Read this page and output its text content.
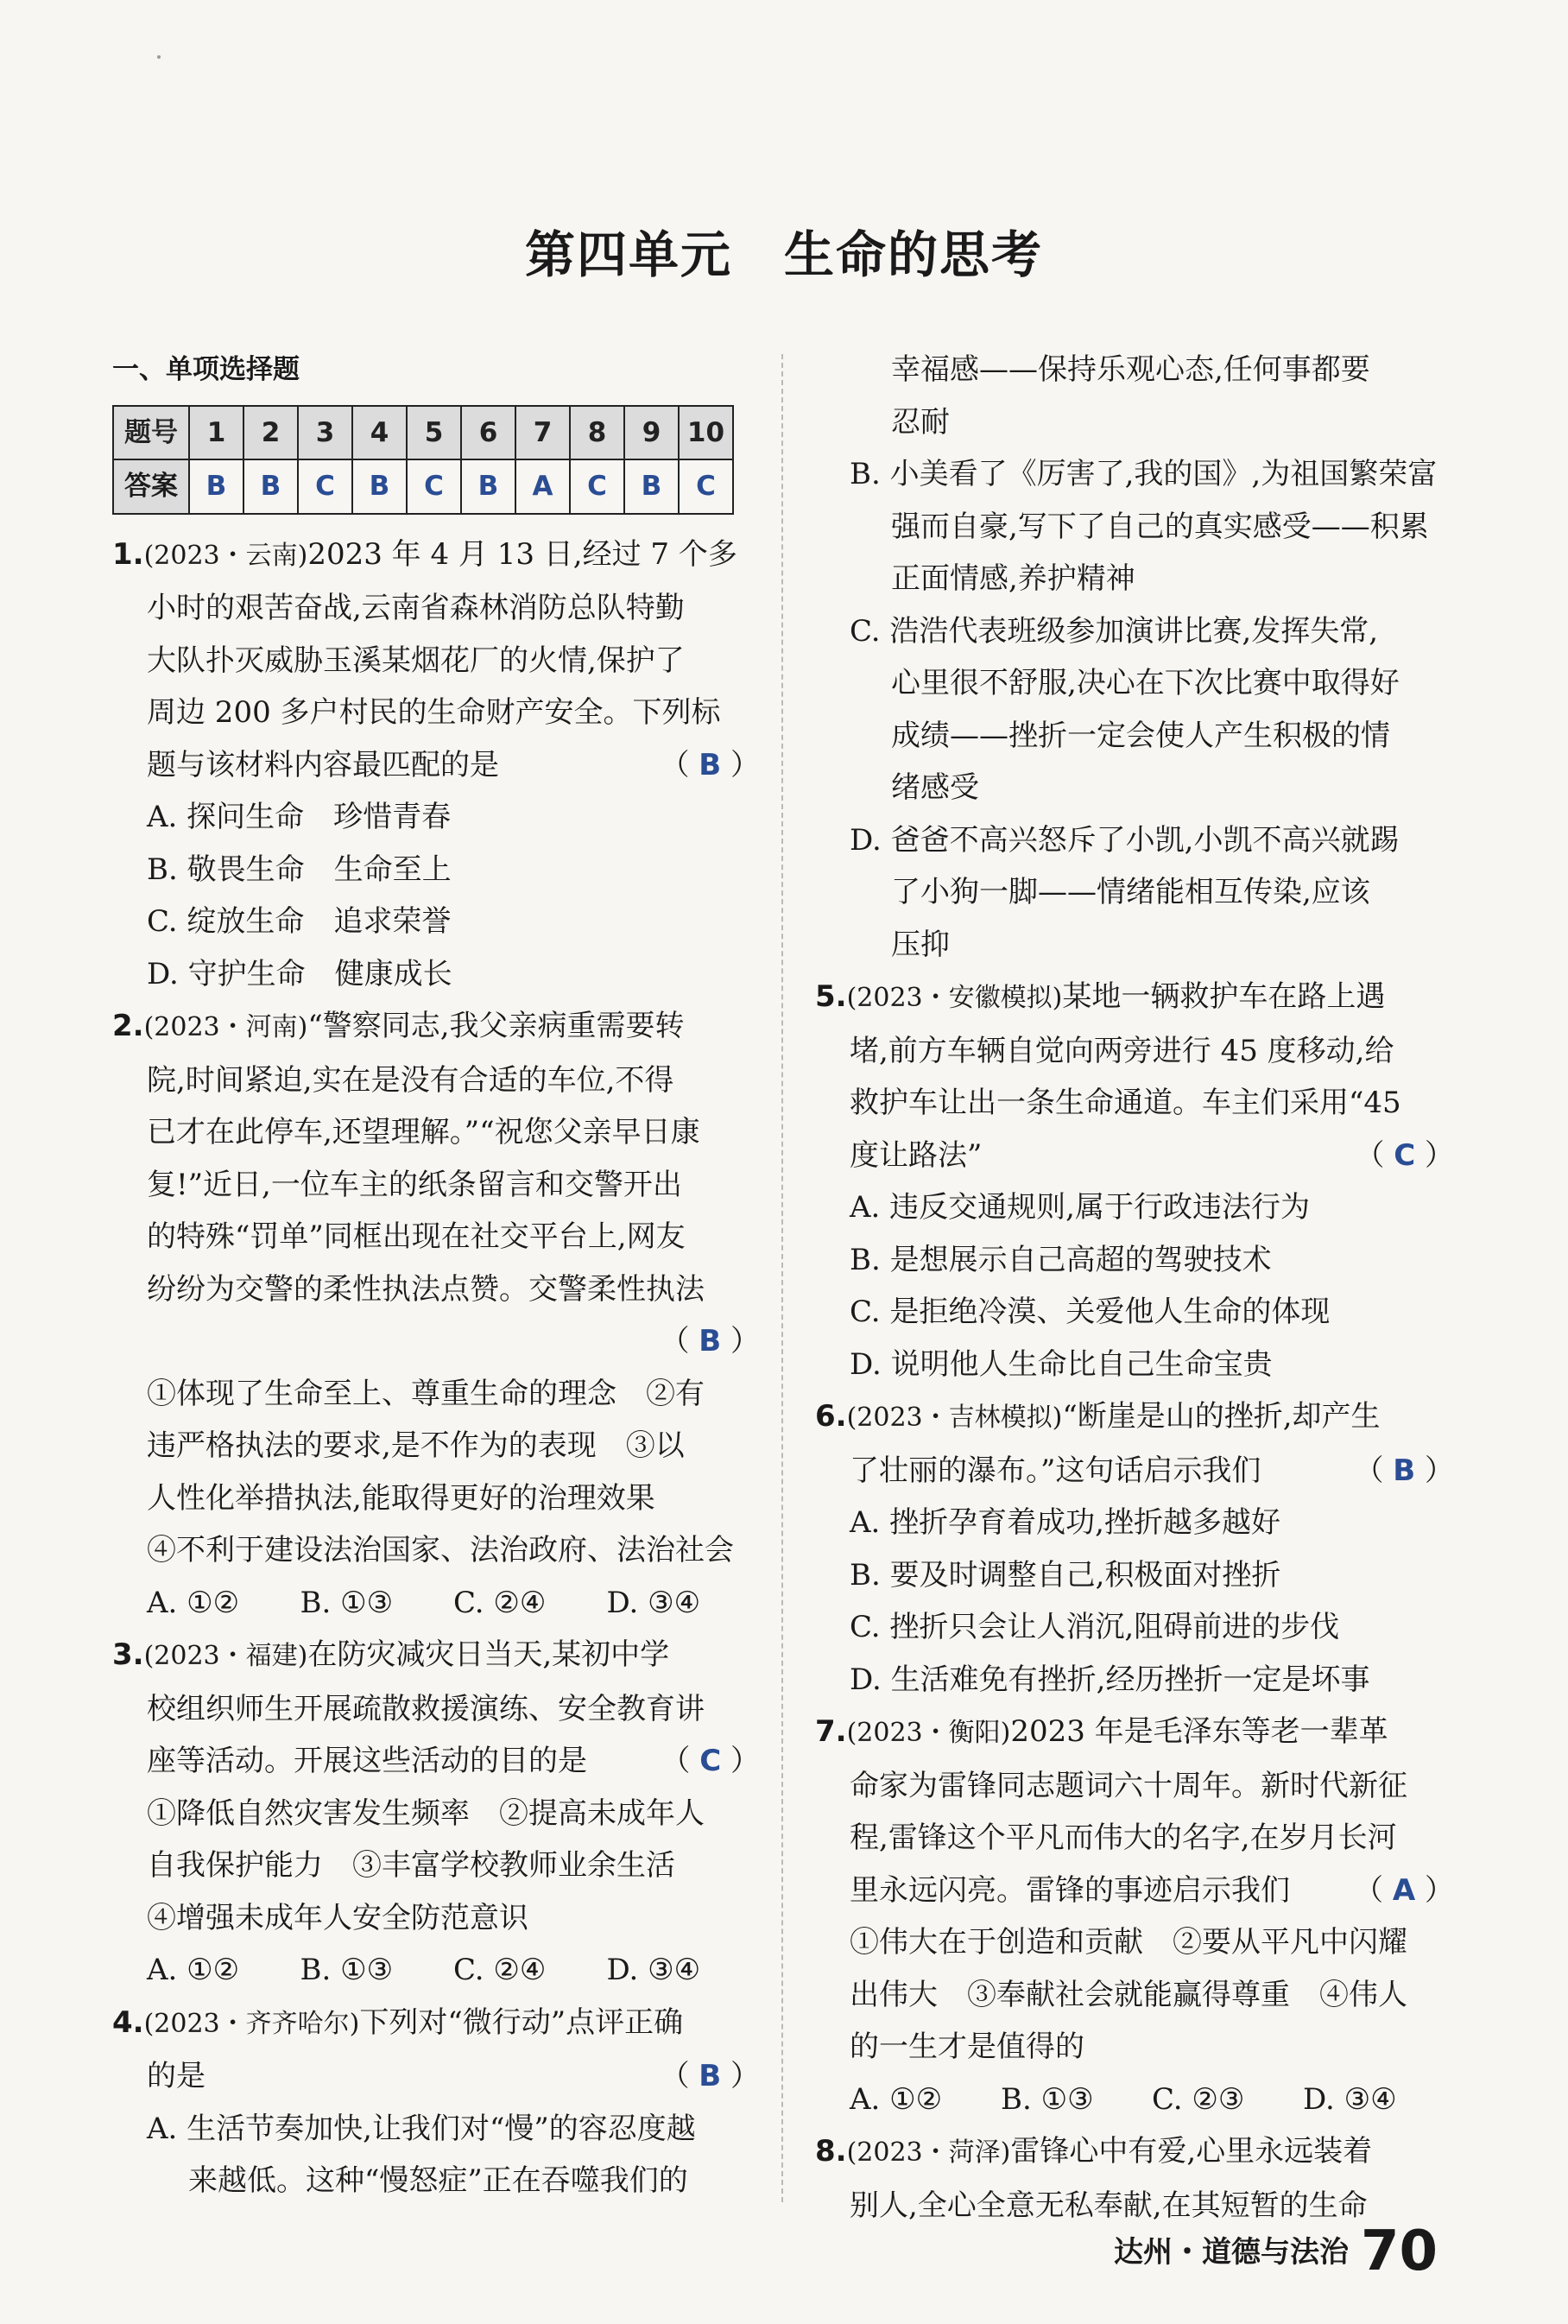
第四单元　生命的思考
一、单项选择题
题号	1	2	3	4	5	6	7	8	9	10
答案	B	B	C	B	C	B	A	C	B	C
1.(2023・云南)2023 年 4 月 13 日,经过 7 个多
小时的艰苦奋战,云南省森林消防总队特勤
大队扑灭威胁玉溪某烟花厂的火情,保护了
周边 200 多户村民的生命财产安全。下列标
题与该材料内容最匹配的是	（ B ）
A. 探问生命　珍惜青春
B. 敬畏生命　生命至上
C. 绽放生命　追求荣誉
D. 守护生命　健康成长
2.(2023・河南)“警察同志,我父亲病重需要转
院,时间紧迫,实在是没有合适的车位,不得
已才在此停车,还望理解。”“祝您父亲早日康
复!”近日,一位车主的纸条留言和交警开出
的特殊“罚单”同框出现在社交平台上,网友
纷纷为交警的柔性执法点赞。交警柔性执法
（ B ）
①体现了生命至上、尊重生命的理念　②有
违严格执法的要求,是不作为的表现　③以
人性化举措执法,能取得更好的治理效果
④不利于建设法治国家、法治政府、法治社会
A. ①②	B. ①③	C. ②④	D. ③④
3.(2023・福建)在防灾减灾日当天,某初中学
校组织师生开展疏散救援演练、安全教育讲
座等活动。开展这些活动的目的是	（ C ）
①降低自然灾害发生频率　②提高未成年人
自我保护能力　③丰富学校教师业余生活
④增强未成年人安全防范意识
A. ①②	B. ①③	C. ②④	D. ③④
4.(2023・齐齐哈尔)下列对“微行动”点评正确
的是	（ B ）
A. 生活节奏加快,让我们对“慢”的容忍度越
来越低。这种“慢怒症”正在吞噬我们的
幸福感——保持乐观心态,任何事都要
忍耐
B. 小美看了《厉害了,我的国》,为祖国繁荣富
强而自豪,写下了自己的真实感受——积累
正面情感,养护精神
C. 浩浩代表班级参加演讲比赛,发挥失常,
心里很不舒服,决心在下次比赛中取得好
成绩——挫折一定会使人产生积极的情
绪感受
D. 爸爸不高兴怒斥了小凯,小凯不高兴就踢
了小狗一脚——情绪能相互传染,应该
压抑
5.(2023・安徽模拟)某地一辆救护车在路上遇
堵,前方车辆自觉向两旁进行 45 度移动,给
救护车让出一条生命通道。车主们采用“45
度让路法”	（ C ）
A. 违反交通规则,属于行政违法行为
B. 是想展示自己高超的驾驶技术
C. 是拒绝冷漠、关爱他人生命的体现
D. 说明他人生命比自己生命宝贵
6.(2023・吉林模拟)“断崖是山的挫折,却产生
了壮丽的瀑布。”这句话启示我们	（ B ）
A. 挫折孕育着成功,挫折越多越好
B. 要及时调整自己,积极面对挫折
C. 挫折只会让人消沉,阻碍前进的步伐
D. 生活难免有挫折,经历挫折一定是坏事
7.(2023・衡阳)2023 年是毛泽东等老一辈革
命家为雷锋同志题词六十周年。新时代新征
程,雷锋这个平凡而伟大的名字,在岁月长河
里永远闪亮。雷锋的事迹启示我们 （ A ）
①伟大在于创造和贡献　②要从平凡中闪耀
出伟大　③奉献社会就能赢得尊重　④伟人
的一生才是值得的
A. ①②	B. ①③	C. ②③	D. ③④
8.(2023・菏泽)雷锋心中有爱,心里永远装着
别人,全心全意无私奉献,在其短暂的生命
达州・道德与法治 70
